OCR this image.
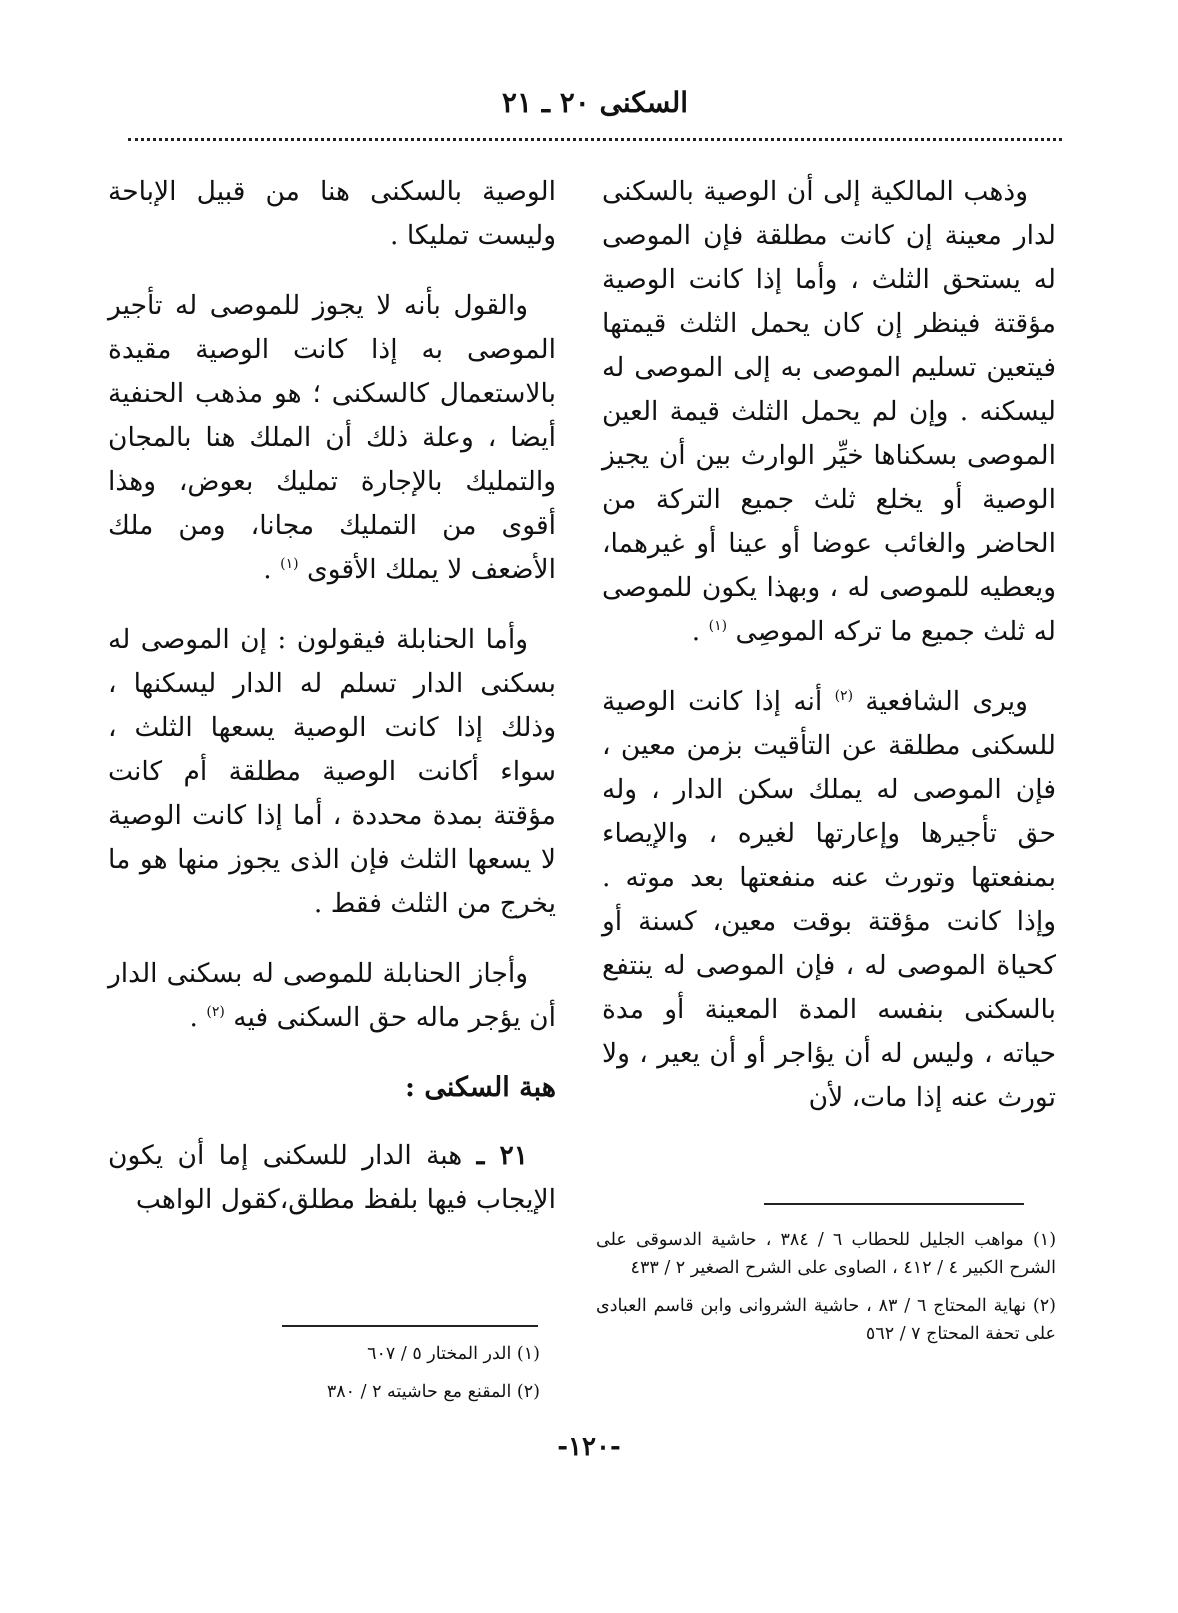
السكنى ٢٠ ـ ٢١

وذهب المالكية إلى أن الوصية بالسكنى لدار معينة إن كانت مطلقة فإن الموصى له يستحق الثلث ، وأما إذا كانت الوصية مؤقتة فينظر إن كان يحمل الثلث قيمتها فيتعين تسليم الموصى به إلى الموصى له ليسكنه . وإن لم يحمل الثلث قيمة العين الموصى بسكناها خيِّر الوارث بين أن يجيز الوصية أو يخلع ثلث جميع التركة من الحاضر والغائب عوضا أو عينا أو غيرهما، ويعطيه للموصى له ، وبهذا يكون للموصى له ثلث جميع ما تركه الموصِى $^{(١)}$ .

ويرى الشافعية $^{(٢)}$ أنه إذا كانت الوصية للسكنى مطلقة عن التأقيت بزمن معين ، فإن الموصى له يملك سكن الدار ، وله حق تأجيرها وإعارتها لغيره ، والإيصاء بمنفعتها وتورث عنه منفعتها بعد موته . وإذا كانت مؤقتة بوقت معين، كسنة أو كحياة الموصى له ، فإن الموصى له ينتفع بالسكنى بنفسه المدة المعينة أو مدة حياته ، وليس له أن يؤاجر أو أن يعير ، ولا تورث عنه إذا مات، لأن

(١) مواهب الجليل للحطاب ٦ / ٣٨٤ ، حاشية الدسوقى على الشرح الكبير ٤ / ٤١٢ ، الصاوى على الشرح الصغير ٢ / ٤٣٣
(٢) نهاية المحتاج ٦ / ٨٣ ، حاشية الشروانى وابن قاسم العبادى على تحفة المحتاج ٧ / ٥٦٢

الوصية بالسكنى هنا من قبيل الإباحة وليست تمليكا .

والقول بأنه لا يجوز للموصى له تأجير الموصى به إذا كانت الوصية مقيدة بالاستعمال كالسكنى ؛ هو مذهب الحنفية أيضا ، وعلة ذلك أن الملك هنا بالمجان والتمليك بالإجارة تمليك بعوض، وهذا أقوى من التمليك مجانا، ومن ملك الأضعف لا يملك الأقوى $^{(١)}$ .

وأما الحنابلة فيقولون : إن الموصى له بسكنى الدار تسلم له الدار ليسكنها ، وذلك إذا كانت الوصية يسعها الثلث ، سواء أكانت الوصية مطلقة أم كانت مؤقتة بمدة محددة ، أما إذا كانت الوصية لا يسعها الثلث فإن الذى يجوز منها هو ما يخرج من الثلث فقط .

وأجاز الحنابلة للموصى له بسكنى الدار أن يؤجر ماله حق السكنى فيه $^{(٢)}$ .

هبة السكنى :

٢١ ـ هبة الدار للسكنى إما أن يكون الإيجاب فيها بلفظ مطلق،كقول الواهب

(١) الدر المختار ٥ / ٦٠٧
(٢) المقنع مع حاشيته ٢ / ٣٨٠
-١٢٠-
